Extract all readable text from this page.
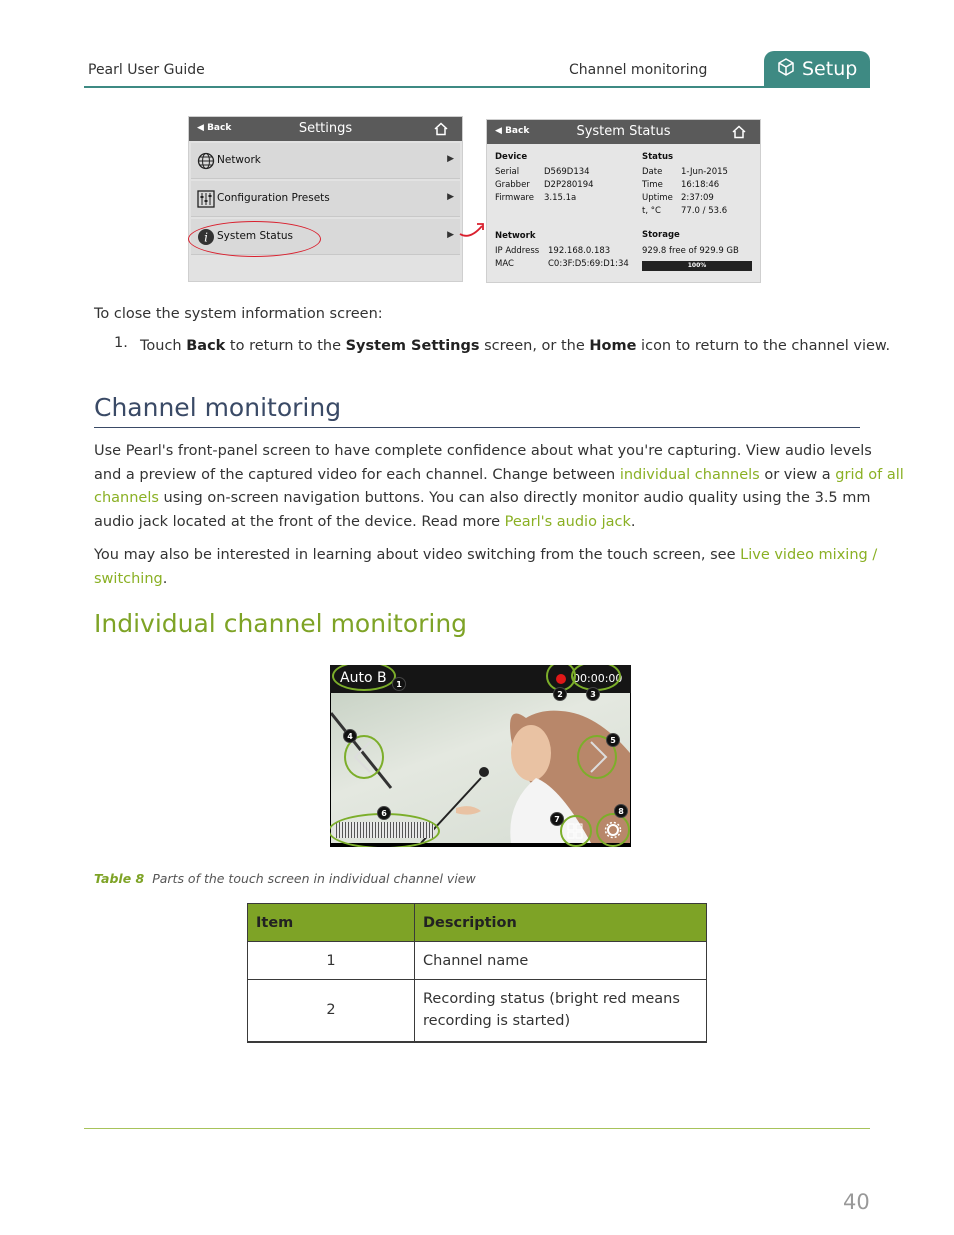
Pearl User Guide	Channel monitoring	Setup
◀ Back	Settings
Network	▶
Configuration Presets	▶
i System Status	▶
◀ Back	System Status
Device
Serial	D569D134
Grabber D2P280194
Firmware 3.15.1a
Status
Date 1-Jun-2015
Time 16:18:46
Uptime 2:37:09
t, °C 77.0 / 53.6
Network
IP Address 192.168.0.183
MAC	C0:3F:D5:69:D1:34
Storage
929.8 free of 929.9 GB
100%
To close the system information screen:
1. Touch Back to return to the System Settings screen, or the Home icon to return to the channel view.
Channel monitoring
Use Pearl's front-panel screen to have complete confidence about what you're capturing. View audio levels
and a preview of the captured video for each channel. Change between individual channels or view a grid of all
channels using on-screen navigation buttons. You can also directly monitor audio quality using the 3.5 mm
audio jack located at the front of the device. Read more Pearl's audio jack.
You may also be interested in learning about video switching from the touch screen, see Live video mixing /
switching.
Individual channel monitoring
Auto B	00:00:00
1
2	3
4	5
6
7
8
Table 8 Parts of the touch screen in individual channel view
Item	Description
1	Channel name
2	Recording status (bright red means
recording is started)
40
